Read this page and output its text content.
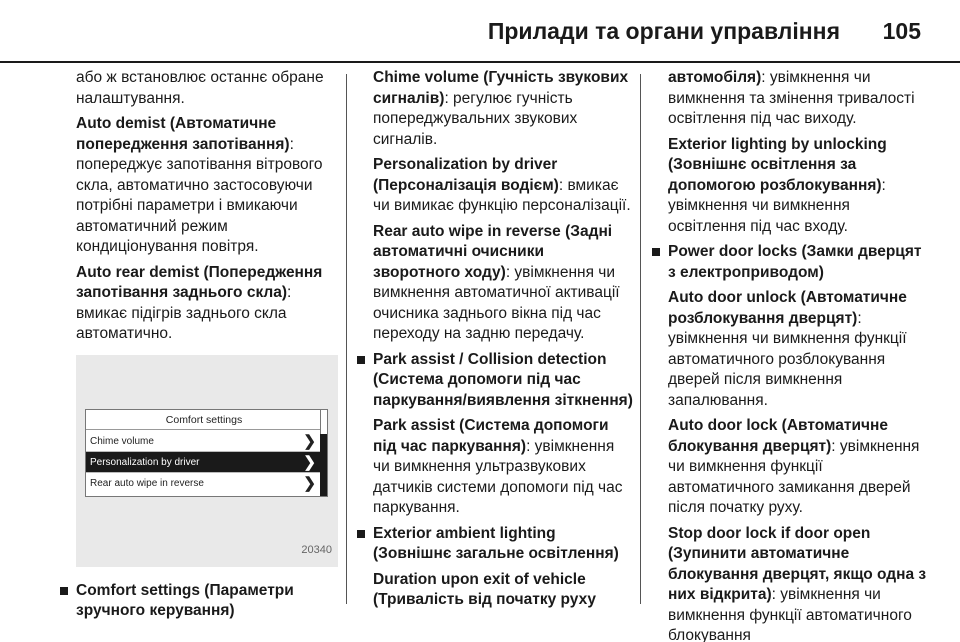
Прилади та органи управління 105
або ж встановлює останнє обране налаштування.
Auto demist (Автоматичне попередження запотівання): попереджує запотівання вітрового скла, автоматично застосовуючи потрібні параметри і вмикаючи автоматичний режим кондиціонування повітря.
Auto rear demist (Попередження запотівання заднього скла): вмикає підігрів заднього скла автоматично.
Comfort settings
Chime volume	❯
Personalization by driver	❯
Rear auto wipe in reverse	❯
20340
Comfort settings (Параметри зручного керування)
Chime volume (Гучність звукових сигналів): регулює гучність попереджувальних звукових сигналів.
Personalization by driver (Персоналізація водієм): вмикає чи вимикає функцію персоналізації.
Rear auto wipe in reverse (Задні автоматичні очисники зворотного ходу): увімкнення чи вимкнення автоматичної активації очисника заднього вікна під час переходу на задню передачу.
Park assist / Collision detection (Система допомоги під час паркування/виявлення зіткнення)
Park assist (Система допомоги під час паркування): увімкнення чи вимкнення ультразвукових датчиків системи допомоги під час паркування.
Exterior ambient lighting (Зовнішнє загальне освітлення)
Duration upon exit of vehicle (Тривалість від початку руху
автомобіля): увімкнення чи вимкнення та змінення тривалості освітлення під час виходу.
Exterior lighting by unlocking (Зовнішнє освітлення за допомогою розблокування): увімкнення чи вимкнення освітлення під час входу.
Power door locks (Замки дверцят з електроприводом)
Auto door unlock (Автоматичне розблокування дверцят): увімкнення чи вимкнення функції автоматичного розблокування дверей після вимкнення запалювання.
Auto door lock (Автоматичне блокування дверцят): увімкнення чи вимкнення функції автоматичного замикання дверей після початку руху.
Stop door lock if door open (Зупинити автоматичне блокування дверцят, якщо одна з них відкрита): увімкнення чи вимкнення функції автоматичного блокування
